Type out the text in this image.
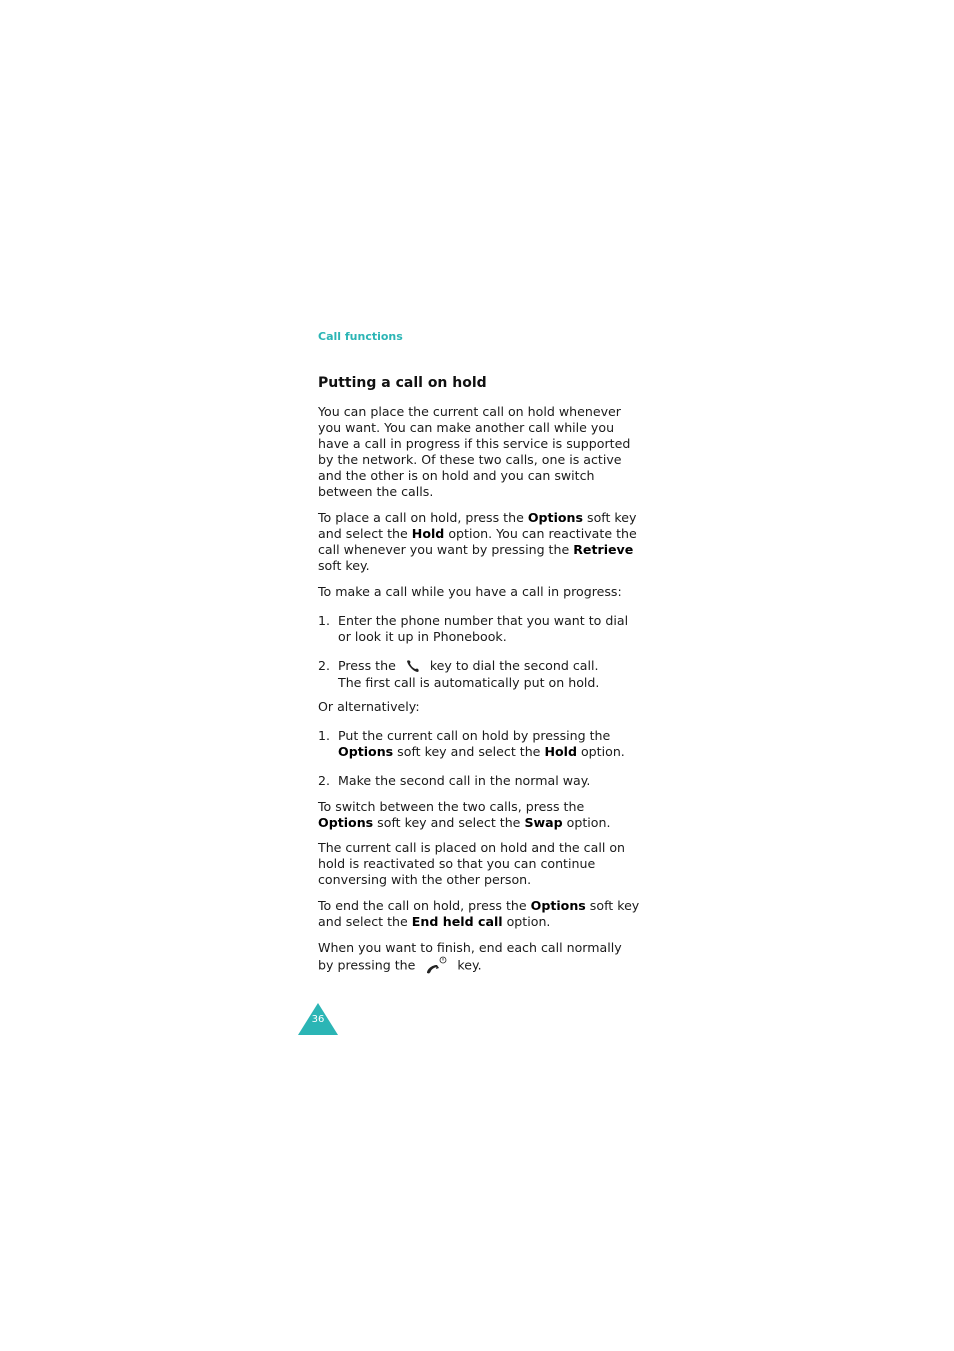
Call functions
Putting a call on hold

You can place the current call on hold whenever you want. You can make another call while you have a call in progress if this service is supported by the network. Of these two calls, one is active and the other is on hold and you can switch between the calls.

To place a call on hold, press the Options soft key and select the Hold option. You can reactivate the call whenever you want by pressing the Retrieve soft key.

To make a call while you have a call in progress:

1. Enter the phone number that you want to dial or look it up in Phonebook.
2. Press the  key to dial the second call.
The first call is automatically put on hold.

Or alternatively:

1. Put the current call on hold by pressing the Options soft key and select the Hold option.
2. Make the second call in the normal way.

To switch between the two calls, press the Options soft key and select the Swap option.

The current call is placed on hold and the call on hold is reactivated so that you can continue conversing with the other person.

To end the call on hold, press the Options soft key and select the End held call option.

When you want to finish, end each call normally by pressing the	key.

36
